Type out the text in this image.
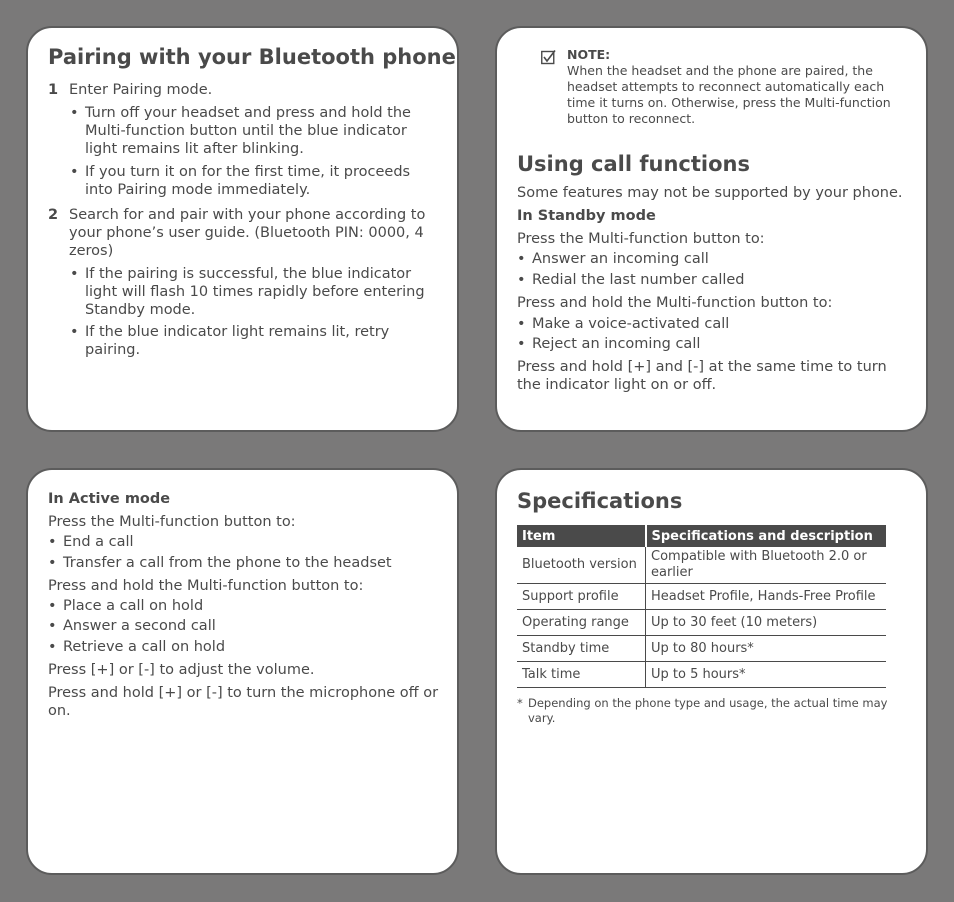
Pairing with your Bluetooth phone
1 Enter Pairing mode.
• Turn off your headset and press and hold the Multi-function button until the blue indicator light remains lit after blinking.
• If you turn it on for the first time, it proceeds into Pairing mode immediately.
2 Search for and pair with your phone according to your phone’s user guide. (Bluetooth PIN: 0000, 4 zeros)
• If the pairing is successful, the blue indicator light will flash 10 times rapidly before entering Standby mode.
• If the blue indicator light remains lit, retry pairing.
NOTE:
When the headset and the phone are paired, the headset attempts to reconnect automatically each time it turns on. Otherwise, press the Multi-function button to reconnect.
Using call functions
Some features may not be supported by your phone.
In Standby mode
Press the Multi-function button to:
• Answer an incoming call
• Redial the last number called
Press and hold the Multi-function button to:
• Make a voice-activated call
• Reject an incoming call
Press and hold [+] and [-] at the same time to turn the indicator light on or off.
In Active mode
Press the Multi-function button to:
• End a call
• Transfer a call from the phone to the headset
Press and hold the Multi-function button to:
• Place a call on hold
• Answer a second call
• Retrieve a call on hold
Press [+] or [-] to adjust the volume.
Press and hold [+] or [-] to turn the microphone off or on.
Specifications
Item	Specifications and description
Bluetooth version	Compatible with Bluetooth 2.0 or earlier
Support profile	Headset Profile, Hands-Free Profile
Operating range	Up to 30 feet (10 meters)
Standby time	Up to 80 hours*
Talk time	Up to 5 hours*
* Depending on the phone type and usage, the actual time may vary.
